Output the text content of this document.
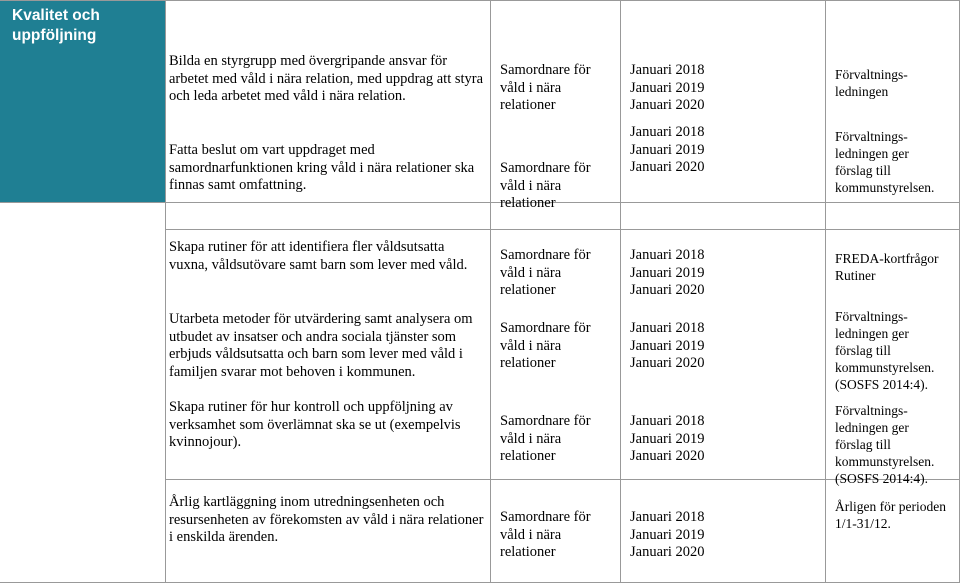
Kvalitet och uppföljning
Bilda en styrgrupp med övergripande ansvar för arbetet med våld i nära relation, med uppdrag att styra och leda arbetet med våld i nära relation.
Samordnare för
våld i nära
relationer
Januari 2018
Januari 2019
Januari 2020
Förvaltnings-
ledningen
Fatta beslut om vart uppdraget med samordnarfunktionen kring våld i nära relationer ska finnas samt omfattning.
Samordnare för
våld i nära
relationer
Januari 2018
Januari 2019
Januari 2020
Förvaltnings-
ledningen ger
förslag till
kommunstyrelsen.
Skapa rutiner för att identifiera fler våldsutsatta vuxna, våldsutövare samt barn som lever med våld.
Samordnare för
våld i nära
relationer
Januari 2018
Januari 2019
Januari 2020
FREDA-kortfrågor
Rutiner
Utarbeta metoder för utvärdering samt analysera om utbudet av insatser och andra sociala tjänster som erbjuds våldsutsatta och barn som lever med våld i familjen svarar mot behoven i kommunen.
Samordnare för
våld i nära
relationer
Januari 2018
Januari 2019
Januari 2020
Förvaltnings-
ledningen ger
förslag till
kommunstyrelsen.
(SOSFS 2014:4).
Skapa rutiner för hur kontroll och uppföljning av verksamhet som överlämnat ska se ut (exempelvis kvinnojour).
Samordnare för
våld i nära
relationer
Januari 2018
Januari 2019
Januari 2020
Förvaltnings-
ledningen ger
förslag till
kommunstyrelsen.
(SOSFS 2014:4).
Årlig kartläggning inom utredningsenheten och resursenheten av förekomsten av våld i nära relationer i enskilda ärenden.
Samordnare för
våld i nära
relationer
Januari 2018
Januari 2019
Januari 2020
Årligen för perioden
1/1-31/12.
